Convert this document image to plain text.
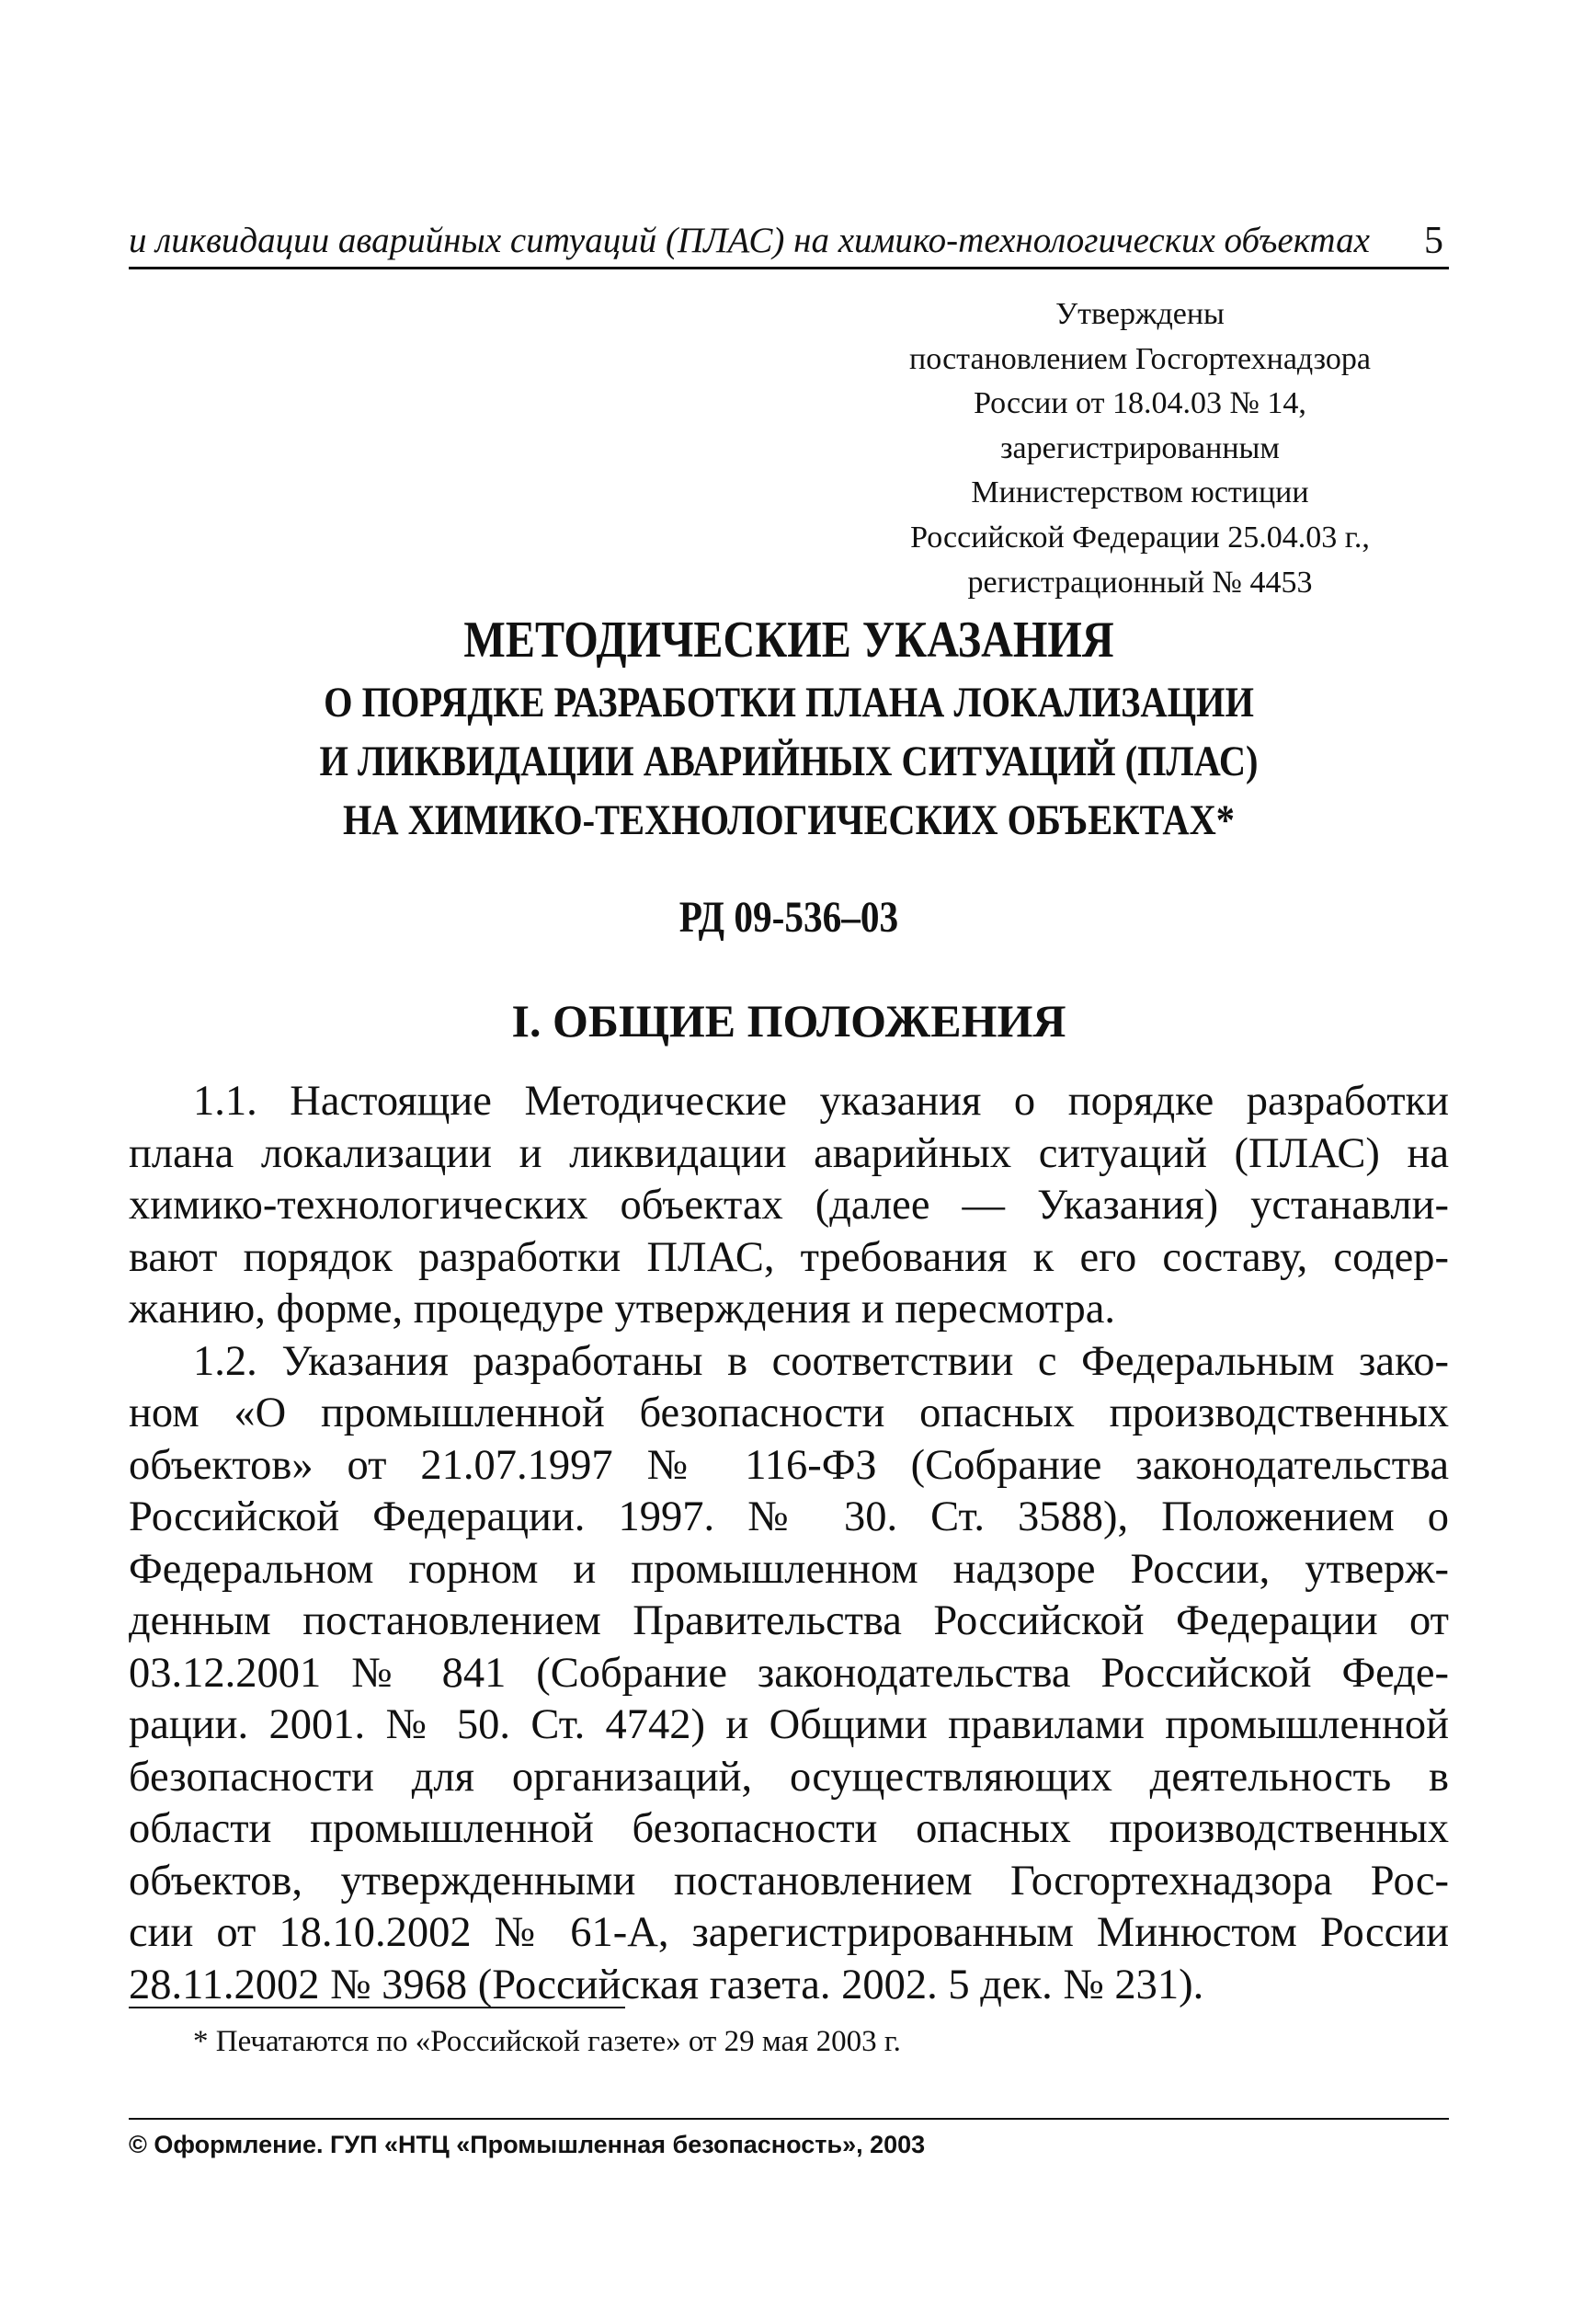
и ликвидации аварийных ситуаций (ПЛАС) на химико-технологических объектах 5
Утверждены
постановлением Госгортехнадзора
России от 18.04.03 № 14,
зарегистрированным
Министерством юстиции
Российской Федерации 25.04.03 г.,
регистрационный № 4453
МЕТОДИЧЕСКИЕ УКАЗАНИЯ
О ПОРЯДКЕ РАЗРАБОТКИ ПЛАНА ЛОКАЛИЗАЦИИ
И ЛИКВИДАЦИИ АВАРИЙНЫХ СИТУАЦИЙ (ПЛАС)
НА ХИМИКО-ТЕХНОЛОГИЧЕСКИХ ОБЪЕКТАХ*
РД 09-536–03
I. ОБЩИЕ ПОЛОЖЕНИЯ
1.1. Настоящие Методические указания о порядке разработки
плана локализации и ликвидации аварийных ситуаций (ПЛАС) на
химико-технологических объектах (далее — Указания) устанавли-
вают порядок разработки ПЛАС, требования к его составу, содер-
жанию, форме, процедуре утверждения и пересмотра.
1.2. Указания разработаны в соответствии с Федеральным зако-
ном «О промышленной безопасности опасных производственных
объектов» от 21.07.1997 № 116-ФЗ (Собрание законодательства
Российской Федерации. 1997. № 30. Ст. 3588), Положением о
Федеральном горном и промышленном надзоре России, утверж-
денным постановлением Правительства Российской Федерации от
03.12.2001 № 841 (Собрание законодательства Российской Феде-
рации. 2001. № 50. Ст. 4742) и Общими правилами промышленной
безопасности для организаций, осуществляющих деятельность в
области промышленной безопасности опасных производственных
объектов, утвержденными постановлением Госгортехнадзора Рос-
сии от 18.10.2002 № 61-А, зарегистрированным Минюстом России
28.11.2002 № 3968 (Российская газета. 2002. 5 дек. № 231).
* Печатаются по «Российской газете» от 29 мая 2003 г.
© Оформление. ГУП «НТЦ «Промышленная безопасность», 2003
